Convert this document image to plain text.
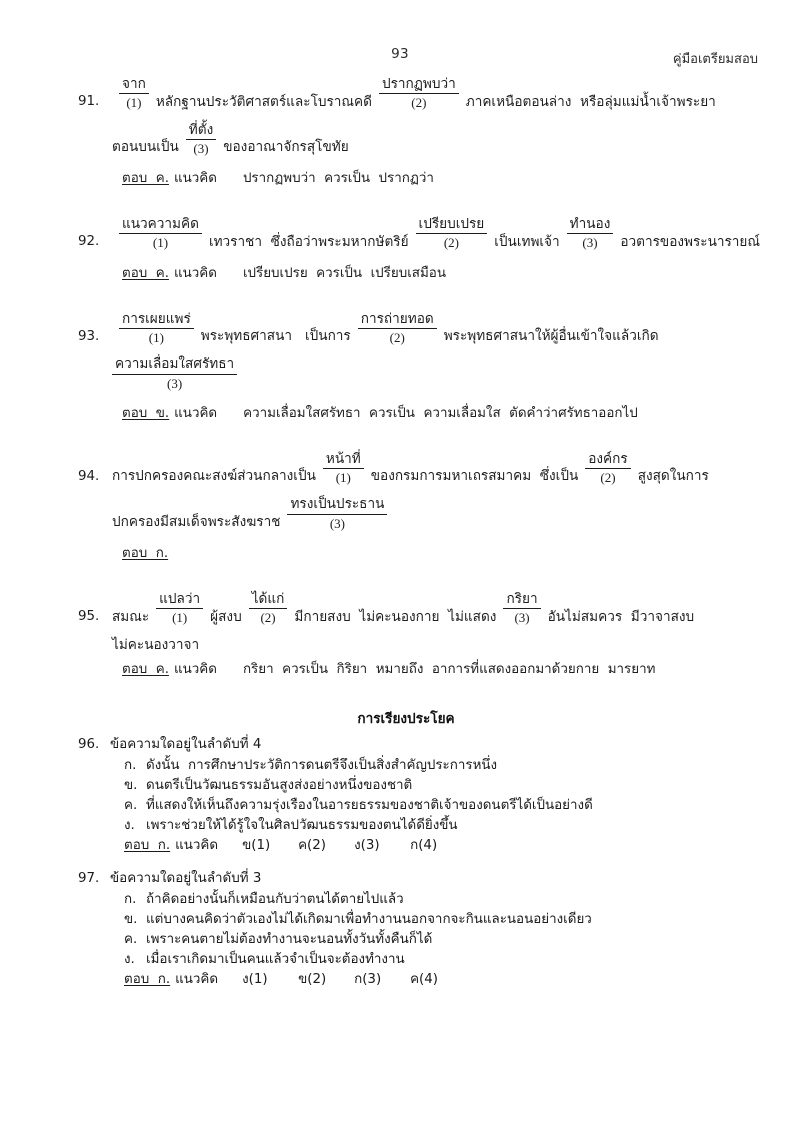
93	คู่มือเตรียมสอบ
91.	$\frac{\text{จาก}}{(1)}$ หลักฐานประวัติศาสตร์และโบราณคดี $\frac{\text{ปรากฏพบว่า}}{(2)}$ ภาคเหนือตอนล่าง  หรือลุ่มแม่น้ำเจ้าพระยา
ตอนบนเป็น $\frac{\text{ที่ตั้ง}}{(3)}$ ของอาณาจักรสุโขทัย
ตอบ  ค. แนวคิด ปรากฏพบว่า  ควรเป็น  ปรากฏว่า
92.	$\frac{\text{แนวความคิด}}{(1)}$ เทวราชา  ซึ่งถือว่าพระมหากษัตริย์ $\frac{\text{เปรียบเปรย}}{(2)}$ เป็นเทพเจ้า $\frac{\text{ทำนอง}}{(3)}$ อวตารของพระนารายณ์
ตอบ  ค. แนวคิด เปรียบเปรย  ควรเป็น  เปรียบเสมือน
93.	$\frac{\text{การเผยแพร่}}{(1)}$ พระพุทธศาสนา   เป็นการ $\frac{\text{การถ่ายทอด}}{(2)}$ พระพุทธศาสนาให้ผู้อื่นเข้าใจแล้วเกิด
$\frac{\text{ความเลื่อมใสศรัทธา}}{(3)}$
ตอบ  ข. แนวคิด ความเลื่อมใสศรัทธา  ควรเป็น  ความเลื่อมใส  ตัดคำว่าศรัทธาออกไป
94. การปกครองคณะสงฆ์ส่วนกลางเป็น $\frac{\text{หน้าที่}}{(1)}$ ของกรมการมหาเถรสมาคม  ซึ่งเป็น $\frac{\text{องค์กร}}{(2)}$ สูงสุดในการ
ปกครองมีสมเด็จพระสังฆราช $\frac{\text{ทรงเป็นประธาน}}{(3)}$
ตอบ  ก.
95. สมณะ $\frac{\text{แปลว่า}}{(1)}$ ผู้สงบ $\frac{\text{ได้แก่}}{(2)}$ มีกายสงบ  ไม่คะนองกาย  ไม่แสดง $\frac{\text{กริยา}}{(3)}$ อันไม่สมควร  มีวาจาสงบ
ไม่คะนองวาจา
ตอบ  ค. แนวคิด กริยา  ควรเป็น  กิริยา  หมายถึง  อาการที่แสดงออกมาด้วยกาย  มารยาท
การเรียงประโยค
96. ข้อความใดอยู่ในลำดับที่ 4
ก. ดังนั้น  การศึกษาประวัติการดนตรีจึงเป็นสิ่งสำคัญประการหนึ่ง
ข. ดนตรีเป็นวัฒนธรรมอันสูงส่งอย่างหนึ่งของชาติ
ค. ที่แสดงให้เห็นถึงความรุ่งเรืองในอารยธรรมของชาติเจ้าของดนตรีได้เป็นอย่างดี
ง. เพราะช่วยให้ได้รู้ใจในศิลปวัฒนธรรมของตนได้ดียิ่งขึ้น
ตอบ  ก. แนวคิด ข(1)	ค(2)	ง(3)	ก(4)
97. ข้อความใดอยู่ในลำดับที่ 3
ก. ถ้าคิดอย่างนั้นก็เหมือนกับว่าตนได้ตายไปแล้ว
ข. แต่บางคนคิดว่าตัวเองไม่ได้เกิดมาเพื่อทำงานนอกจากจะกินและนอนอย่างเดียว
ค. เพราะคนตายไม่ต้องทำงานจะนอนทั้งวันทั้งคืนก็ได้
ง. เมื่อเราเกิดมาเป็นคนแล้วจำเป็นจะต้องทำงาน
ตอบ  ก. แนวคิด ง(1)	ข(2)	ก(3)	ค(4)
